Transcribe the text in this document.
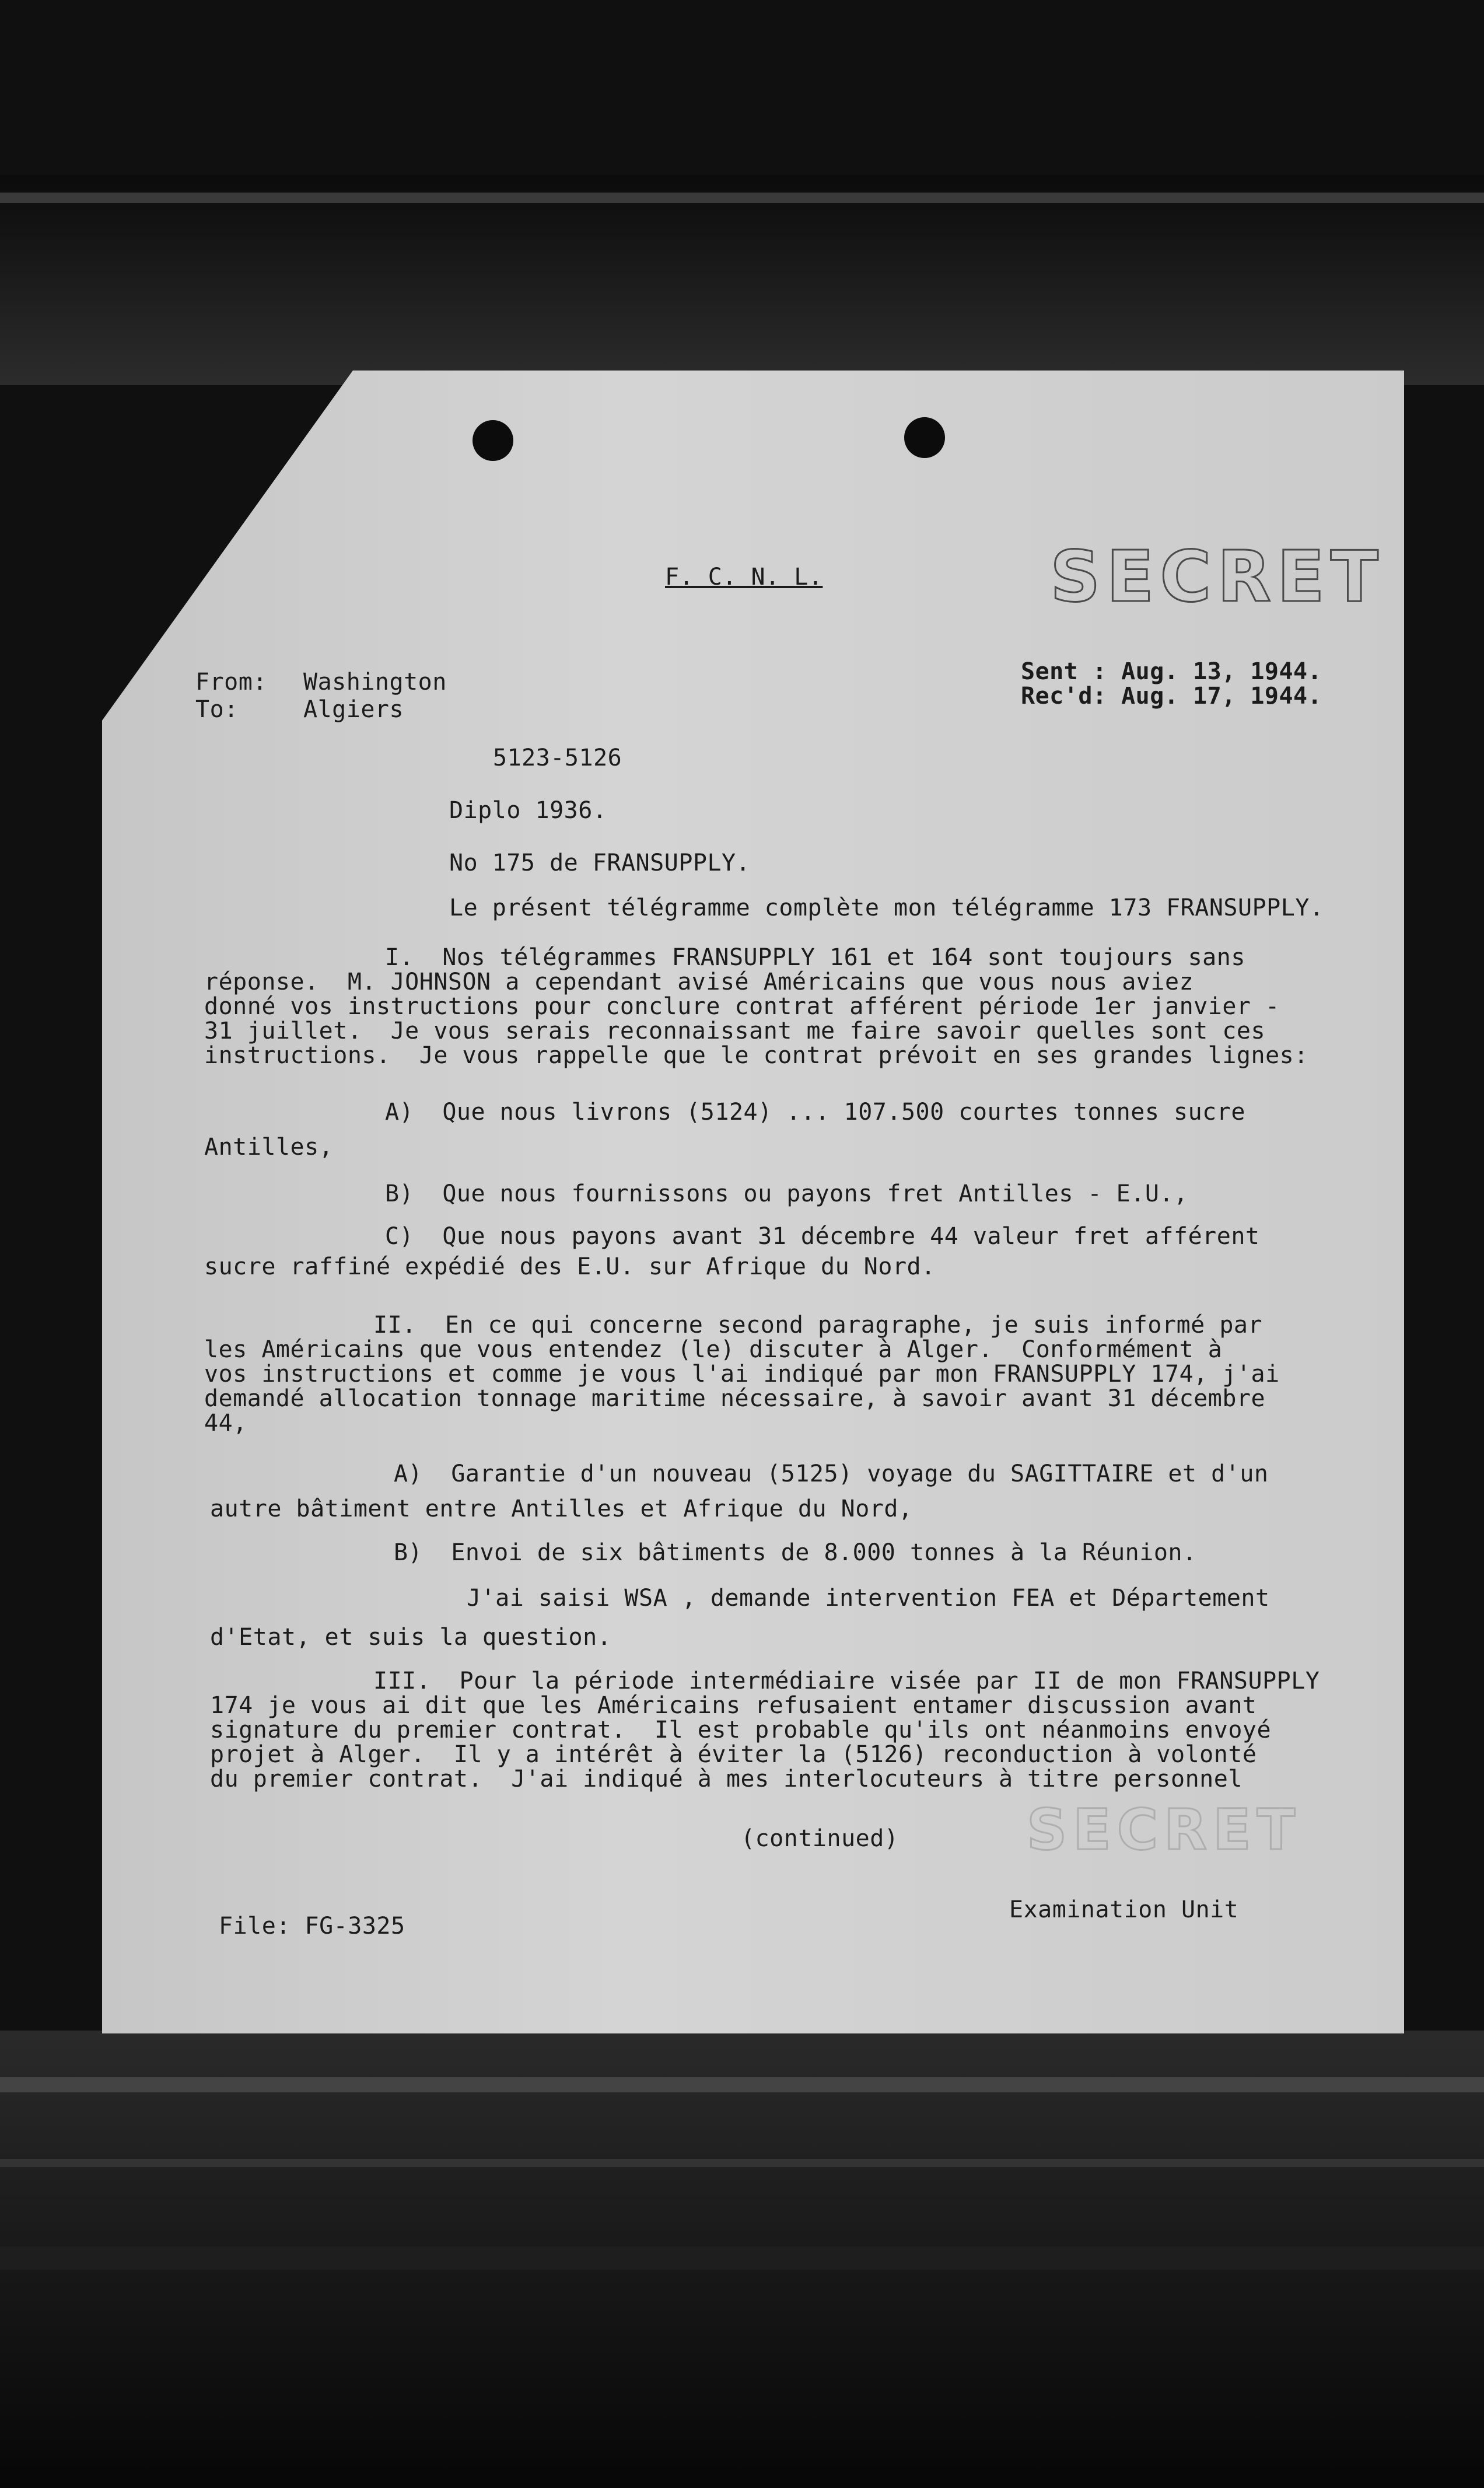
F. C. N. L.	SECRET
From: Washington
To:	Algiers
Sent : Aug. 13, 1944.
Rec'd: Aug. 17, 1944.
5123-5126
Diplo 1936.
No 175 de FRANSUPPLY.
Le présent télégramme complète mon télégramme 173 FRANSUPPLY.
I.  Nos télégrammes FRANSUPPLY 161 et 164 sont toujours sans
réponse.  M. JOHNSON a cependant avisé Américains que vous nous aviez
donné vos instructions pour conclure contrat afférent période 1er janvier -
31 juillet.  Je vous serais reconnaissant me faire savoir quelles sont ces
instructions.  Je vous rappelle que le contrat prévoit en ses grandes lignes:
A)  Que nous livrons (5124) ... 107.500 courtes tonnes sucre
Antilles,
B)  Que nous fournissons ou payons fret Antilles - E.U.,
C)  Que nous payons avant 31 décembre 44 valeur fret afférent
sucre raffiné expédié des E.U. sur Afrique du Nord.
II.  En ce qui concerne second paragraphe, je suis informé par
les Américains que vous entendez (le) discuter à Alger.  Conformément à
vos instructions et comme je vous l'ai indiqué par mon FRANSUPPLY 174, j'ai
demandé allocation tonnage maritime nécessaire, à savoir avant 31 décembre
44,
A)  Garantie d'un nouveau (5125) voyage du SAGITTAIRE et d'un
autre bâtiment entre Antilles et Afrique du Nord,
B)  Envoi de six bâtiments de 8.000 tonnes à la Réunion.
J'ai saisi WSA , demande intervention FEA et Département
d'Etat, et suis la question.
III.  Pour la période intermédiaire visée par II de mon FRANSUPPLY
174 je vous ai dit que les Américains refusaient entamer discussion avant
signature du premier contrat.  Il est probable qu'ils ont néanmoins envoyé
projet à Alger.  Il y a intérêt à éviter la (5126) reconduction à volonté
du premier contrat.  J'ai indiqué à mes interlocuteurs à titre personnel
SECRET
(continued)
File: FG-3325
Examination Unit
